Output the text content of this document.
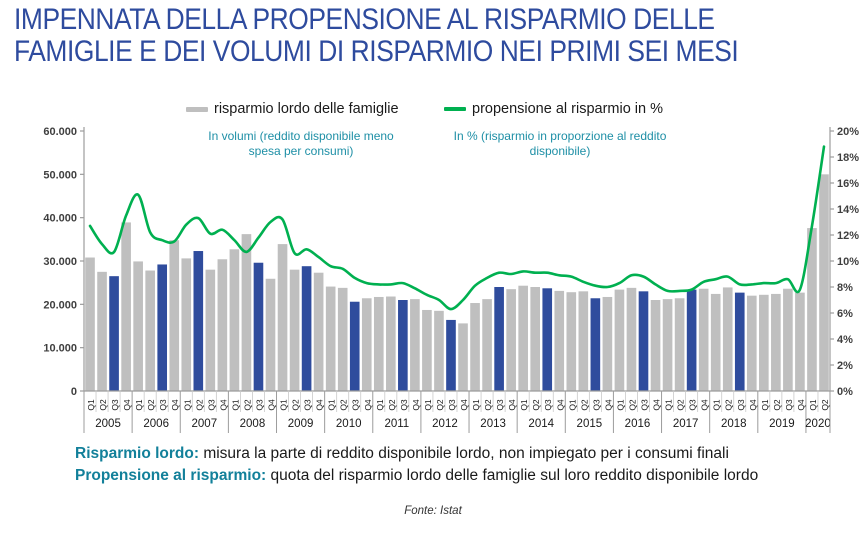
0
10.000
20.000
30.000
40.000
50.000
60.000
0%
2%
4%
6%
8%
10%
12%
14%
16%
18%
20%
Q1 Q2 Q3 Q4
2005
Q1 Q2 Q3 Q4
2006
Q1 Q2 Q3 Q4
2007
Q1 Q2 Q3 Q4
2008
Q1 Q2 Q3 Q4
2009
Q1 Q2 Q3 Q4
2010
Q1 Q2 Q3 Q4
2011
Q1 Q2 Q3 Q4
2012
Q1 Q2 Q3 Q4
2013
Q1 Q2 Q3 Q4
2014
Q1 Q2 Q3 Q4
2015
Q1 Q2 Q3 Q4
2016
Q1 Q2 Q3 Q4
2017
Q1 Q2 Q3 Q4
2018
Q1 Q2 Q3 Q4
2019
Q1 Q2
2020
IMPENNATA DELLA PROPENSIONE AL RISPARMIO DELLE
FAMIGLIE E DEI VOLUMI DI RISPARMIO NEI PRIMI SEI MESI
risparmio lordo delle famiglie	propensione al risparmio in %
In volumi (reddito disponibile meno
spesa per consumi)
In % (risparmio in proporzione al reddito
disponibile)
Risparmio lordo: misura la parte di reddito disponibile lordo, non impiegato per i consumi finali
Propensione al risparmio: quota del risparmio lordo delle famiglie sul loro reddito disponibile lordo
Fonte: Istat
